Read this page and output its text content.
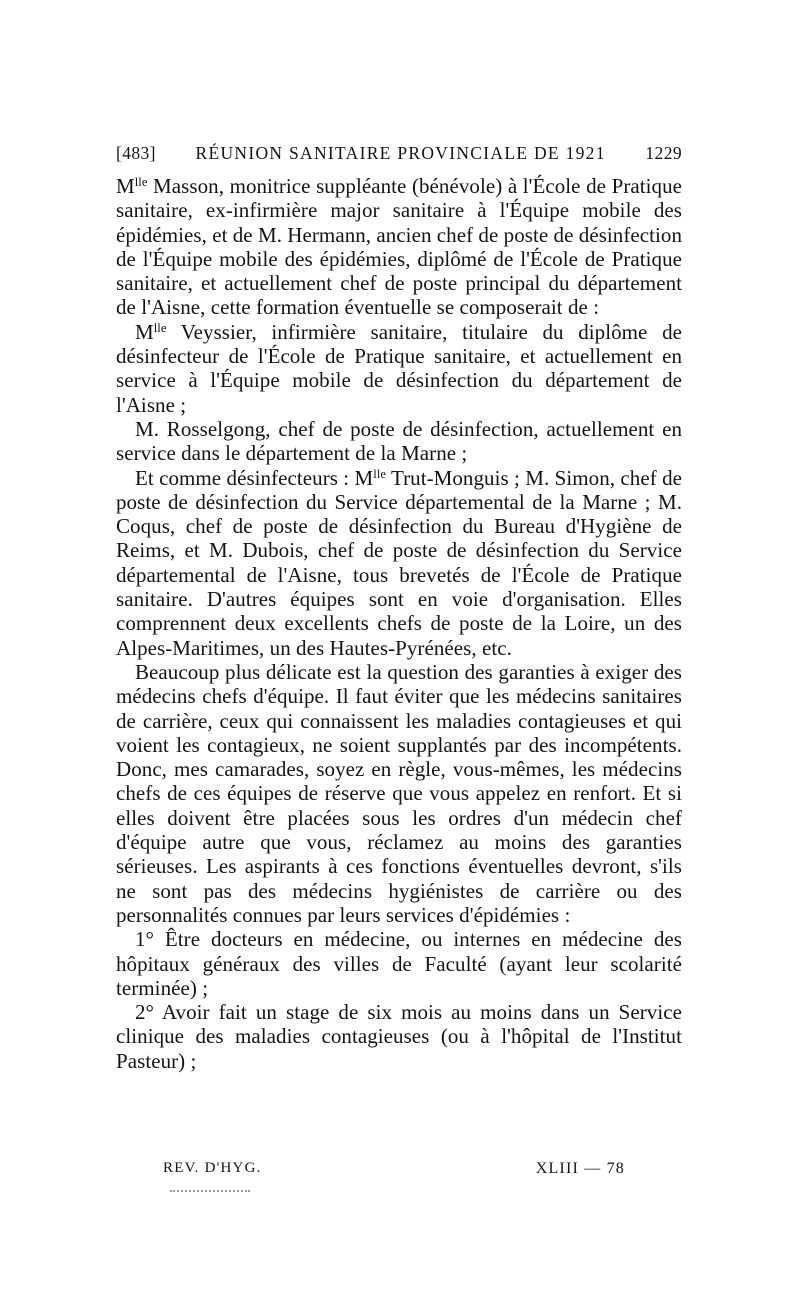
[483] RÉUNION SANITAIRE PROVINCIALE DE 1921 1229

$M^{lle}$ Masson, monitrice suppléante (bénévole) à l'École de Pratique sanitaire, ex-infirmière major sanitaire à l'Équipe mobile des épidémies, et de M. Hermann, ancien chef de poste de désinfection de l'Équipe mobile des épidémies, diplômé de l'École de Pratique sanitaire, et actuellement chef de poste principal du département de l'Aisne, cette formation éventuelle se composerait de :

$M^{lle}$ Veyssier, infirmière sanitaire, titulaire du diplôme de désinfecteur de l'École de Pratique sanitaire, et actuellement en service à l'Équipe mobile de désinfection du département de l'Aisne ;

M. Rosselgong, chef de poste de désinfection, actuellement en service dans le département de la Marne ;

Et comme désinfecteurs : $M^{lle}$ Trut-Monguis ; M. Simon, chef de poste de désinfection du Service départemental de la Marne ; M. Coqus, chef de poste de désinfection du Bureau d'Hygiène de Reims, et M. Dubois, chef de poste de désinfection du Service départemental de l'Aisne, tous brevetés de l'École de Pratique sanitaire. D'autres équipes sont en voie d'organisation. Elles comprennent deux excellents chefs de poste de la Loire, un des Alpes-Maritimes, un des Hautes-Pyrénées, etc.

Beaucoup plus délicate est la question des garanties à exiger des médecins chefs d'équipe. Il faut éviter que les médecins sanitaires de carrière, ceux qui connaissent les maladies contagieuses et qui voient les contagieux, ne soient supplantés par des incompétents. Donc, mes camarades, soyez en règle, vous-mêmes, les médecins chefs de ces équipes de réserve que vous appelez en renfort. Et si elles doivent être placées sous les ordres d'un médecin chef d'équipe autre que vous, réclamez au moins des garanties sérieuses. Les aspirants à ces fonctions éventuelles devront, s'ils ne sont pas des médecins hygiénistes de carrière ou des personnalités connues par leurs services d'épidémies :

1° Être docteurs en médecine, ou internes en médecine des hôpitaux généraux des villes de Faculté (ayant leur scolarité terminée) ;

2° Avoir fait un stage de six mois au moins dans un Service clinique des maladies contagieuses (ou à l'hôpital de l'Institut Pasteur) ;

REV. D'HYG.	XLIII — 78
